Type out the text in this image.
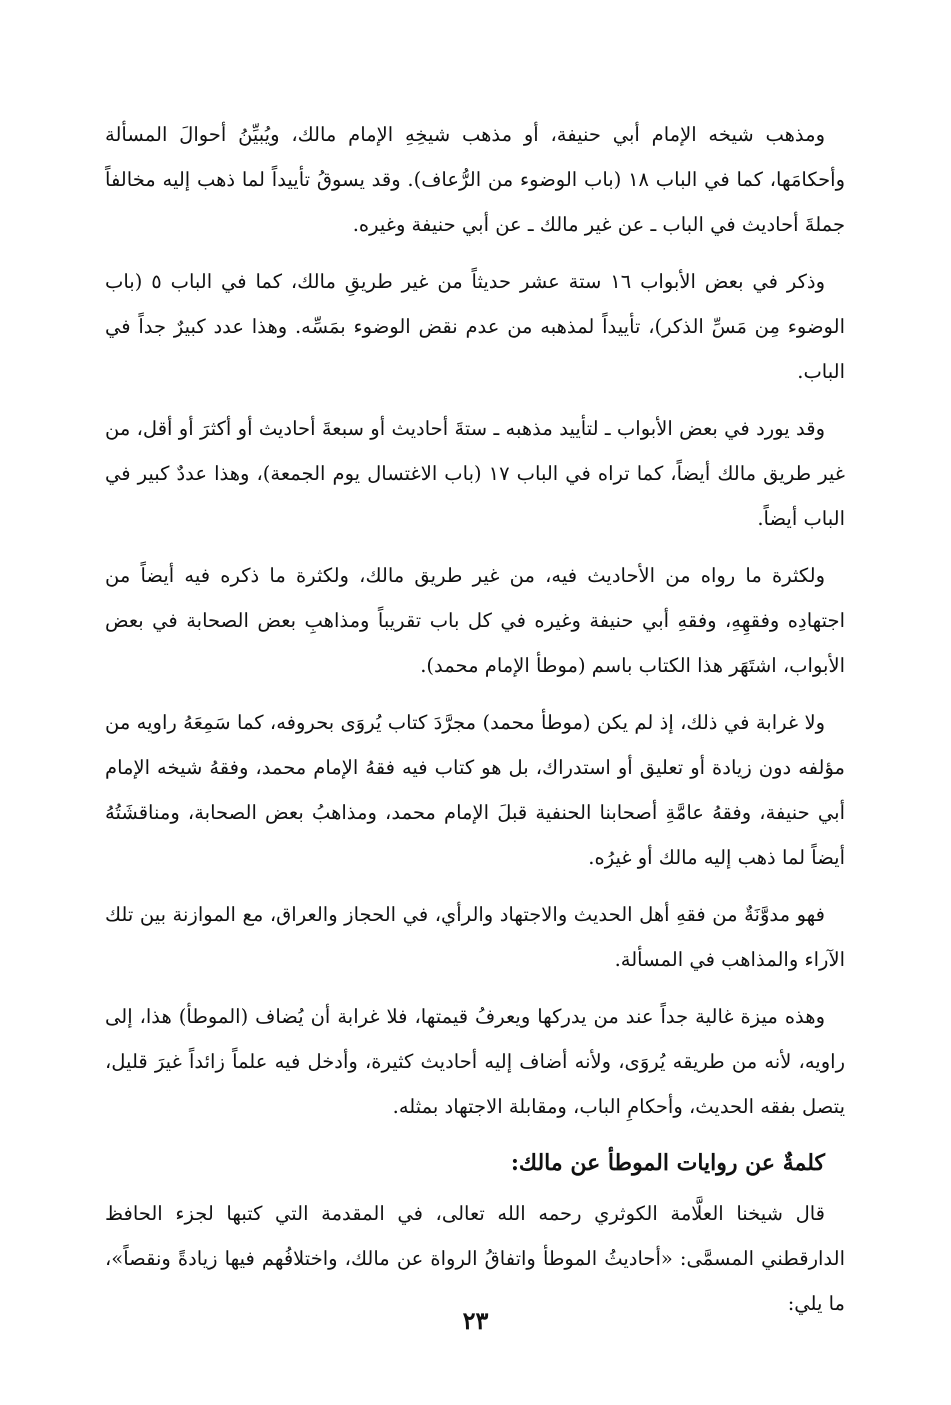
ومذهب شيخه الإمام أبي حنيفة، أو مذهب شيخِهِ الإمام مالك، ويُبيِّنُ أحوالَ المسألة وأحكامَها، كما في الباب ١٨ (باب الوضوء من الرُّعاف). وقد يسوقُ تأييداً لما ذهب إليه مخالفاً جملةَ أحاديث في الباب ـ عن غير مالك ـ عن أبي حنيفة وغيره.

وذكر في بعض الأبواب ١٦ ستة عشر حديثاً من غير طريقِ مالك، كما في الباب ٥ (باب الوضوء مِن مَسِّ الذكر)، تأييداً لمذهبه من عدم نقض الوضوء بمَسِّه. وهذا عدد كبيرٌ جداً في الباب.

وقد يورد في بعض الأبواب ـ لتأييد مذهبه ـ ستةَ أحاديث أو سبعةَ أحاديث أو أكثرَ أو أقل، من غير طريق مالك أيضاً، كما تراه في الباب ١٧ (باب الاغتسال يوم الجمعة)، وهذا عددٌ كبير في الباب أيضاً.

ولكثرة ما رواه من الأحاديث فيه، من غير طريق مالك، ولكثرة ما ذكره فيه أيضاً من اجتهادِه وفقهِهِ، وفقهِ أبي حنيفة وغيره في كل باب تقريباً ومذاهبِ بعض الصحابة في بعض الأبواب، اشتَهَر هذا الكتاب باسم (موطأ الإمام محمد).

ولا غرابة في ذلك، إذ لم يكن (موطأ محمد) مجرَّدَ كتاب يُروَى بحروفه، كما سَمِعَهُ راويه من مؤلفه دون زيادة أو تعليق أو استدراك، بل هو كتاب فيه فقهُ الإمام محمد، وفقهُ شيخه الإمام أبي حنيفة، وفقهُ عامَّةِ أصحابنا الحنفية قبلَ الإمام محمد، ومذاهبُ بعض الصحابة، ومناقشَتُهُ أيضاً لما ذهب إليه مالك أو غيرُه.

فهو مدوَّنَةٌ من فقهِ أهل الحديث والاجتهاد والرأي، في الحجاز والعراق، مع الموازنة بين تلك الآراء والمذاهب في المسألة.

وهذه ميزة غالية جداً عند من يدركها ويعرفُ قيمتها، فلا غرابة أن يُضاف (الموطأ) هذا، إلى راويه، لأنه من طريقه يُروَى، ولأنه أضاف إليه أحاديث كثيرة، وأدخل فيه علماً زائداً غيرَ قليل، يتصل بفقه الحديث، وأحكامِ الباب، ومقابلة الاجتهاد بمثله.

كلمةٌ عن روايات الموطأ عن مالك:

قال شيخنا العلَّامة الكوثري رحمه الله تعالى، في المقدمة التي كتبها لجزء الحافظ الدارقطني المسمَّى: «أحاديثُ الموطأ واتفاقُ الرواة عن مالك، واختلافُهم فيها زيادةً ونقصاً»، ما يلي:

٢٣
